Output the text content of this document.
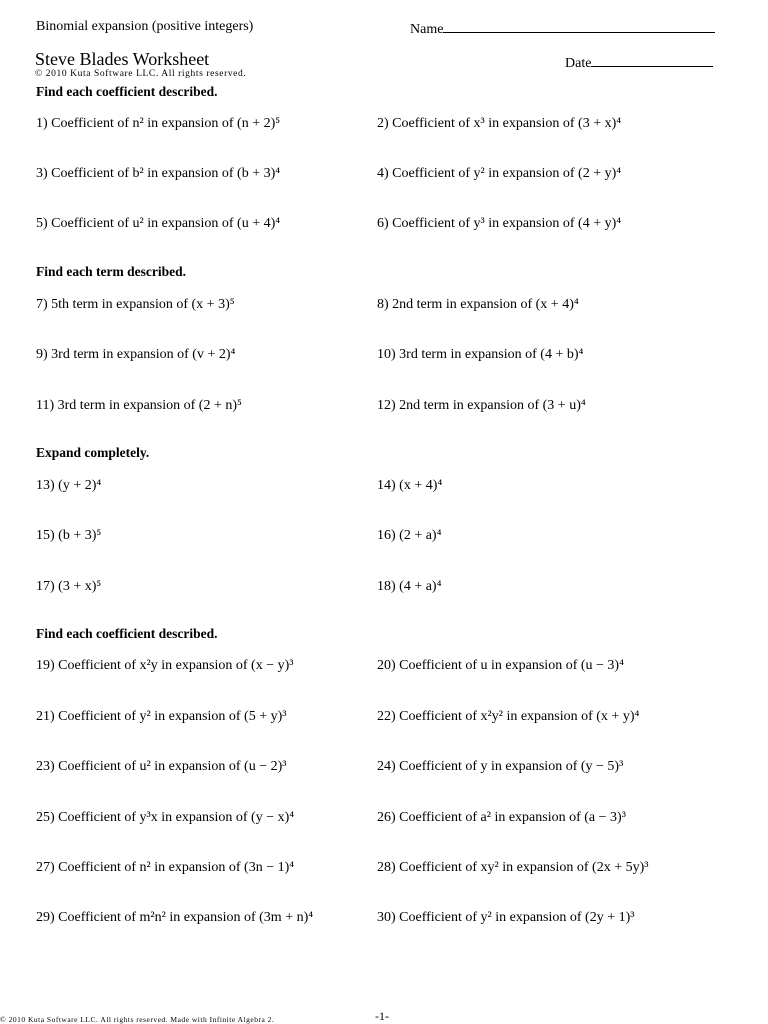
Binomial expansion (positive integers)	Name
Steve Blades Worksheet	Date
© 2010 Kuta Software LLC. All rights reserved.
Find each coefficient described.
1) Coefficient of n² in expansion of (n + 2)⁵	2) Coefficient of x³ in expansion of (3 + x)⁴
3) Coefficient of b² in expansion of (b + 3)⁴	4) Coefficient of y² in expansion of (2 + y)⁴
5) Coefficient of u² in expansion of (u + 4)⁴	6) Coefficient of y³ in expansion of (4 + y)⁴
Find each term described.
7) 5th term in expansion of (x + 3)⁵	8) 2nd term in expansion of (x + 4)⁴
9) 3rd term in expansion of (v + 2)⁴	10) 3rd term in expansion of (4 + b)⁴
11) 3rd term in expansion of (2 + n)⁵	12) 2nd term in expansion of (3 + u)⁴
Expand completely.
13) (y + 2)⁴	14) (x + 4)⁴
15) (b + 3)⁵	16) (2 + a)⁴
17) (3 + x)⁵	18) (4 + a)⁴
Find each coefficient described.
19) Coefficient of x²y in expansion of (x − y)³	20) Coefficient of u in expansion of (u − 3)⁴
21) Coefficient of y² in expansion of (5 + y)³	22) Coefficient of x²y² in expansion of (x + y)⁴
23) Coefficient of u² in expansion of (u − 2)³	24) Coefficient of y in expansion of (y − 5)³
25) Coefficient of y³x in expansion of (y − x)⁴	26) Coefficient of a² in expansion of (a − 3)³
27) Coefficient of n² in expansion of (3n − 1)⁴	28) Coefficient of xy² in expansion of (2x + 5y)³
29) Coefficient of m²n² in expansion of (3m + n)⁴	30) Coefficient of y² in expansion of (2y + 1)³
© 2010 Kuta Software LLC. All rights reserved. Made with Infinite Algebra 2.	-1-
